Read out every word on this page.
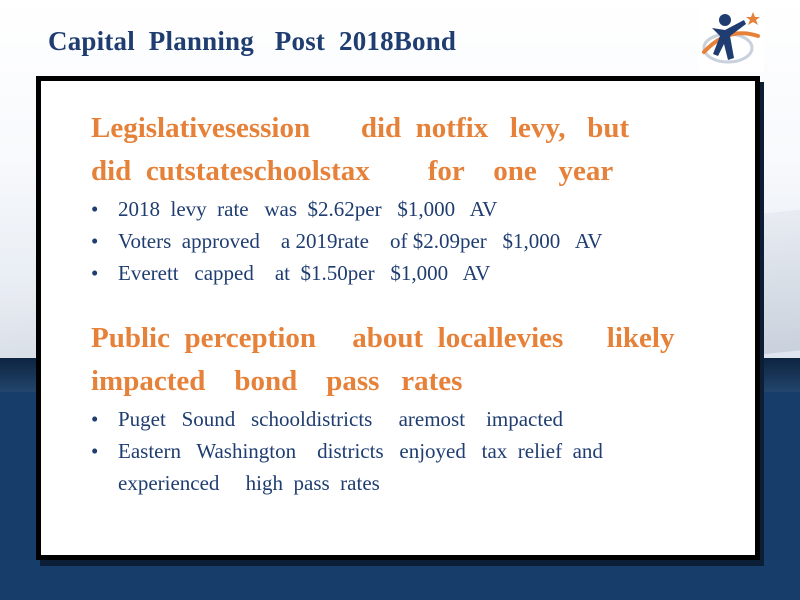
Capital  Planning   Post  2018Bond

Legislativesession       did  notfix   levy,   but

did  cutstateschoolstax        for    one   year

• 2018  levy  rate   was  $2.62per   $1,000   AV
• Voters  approved    a 2019rate    of $2.09per   $1,000   AV
• Everett   capped    at  $1.50per   $1,000   AV

Public  perception     about  locallevies      likely

impacted    bond    pass   rates

• Puget   Sound   schooldistricts     aremost    impacted
• Eastern   Washington    districts   enjoyed   tax  relief  and
experienced     high  pass  rates
